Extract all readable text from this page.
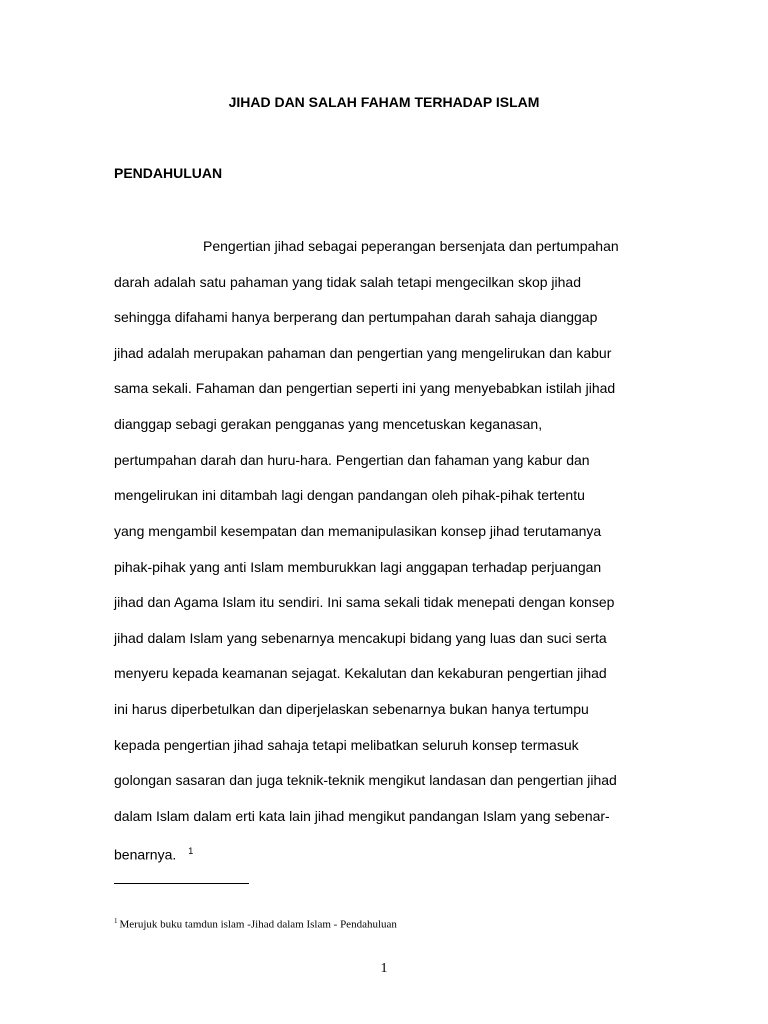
JIHAD DAN SALAH FAHAM TERHADAP ISLAM
PENDAHULUAN
Pengertian jihad sebagai peperangan bersenjata dan pertumpahan
darah adalah satu pahaman yang tidak salah tetapi mengecilkan skop jihad
sehingga difahami hanya berperang dan pertumpahan darah sahaja dianggap
jihad adalah merupakan pahaman dan pengertian yang mengelirukan dan kabur
sama sekali. Fahaman dan pengertian seperti ini yang menyebabkan istilah jihad
dianggap sebagi gerakan pengganas yang mencetuskan keganasan,
pertumpahan darah dan huru-hara. Pengertian dan fahaman yang kabur dan
mengelirukan ini ditambah lagi dengan pandangan oleh pihak-pihak tertentu
yang mengambil kesempatan dan memanipulasikan konsep jihad terutamanya
pihak-pihak yang anti Islam memburukkan lagi anggapan terhadap perjuangan
jihad dan Agama Islam itu sendiri. Ini sama sekali tidak menepati dengan konsep
jihad dalam Islam yang sebenarnya mencakupi bidang yang luas dan suci serta
menyeru kepada keamanan sejagat. Kekalutan dan kekaburan pengertian jihad
ini harus diperbetulkan dan diperjelaskan sebenarnya bukan hanya tertumpu
kepada pengertian jihad sahaja tetapi melibatkan seluruh konsep termasuk
golongan sasaran dan juga teknik-teknik mengikut landasan dan pengertian jihad
dalam Islam dalam erti kata lain jihad mengikut pandangan Islam yang sebenar-
benarnya. $^1$
$^1$ Merujuk buku tamdun islam -Jihad dalam Islam - Pendahuluan
1
